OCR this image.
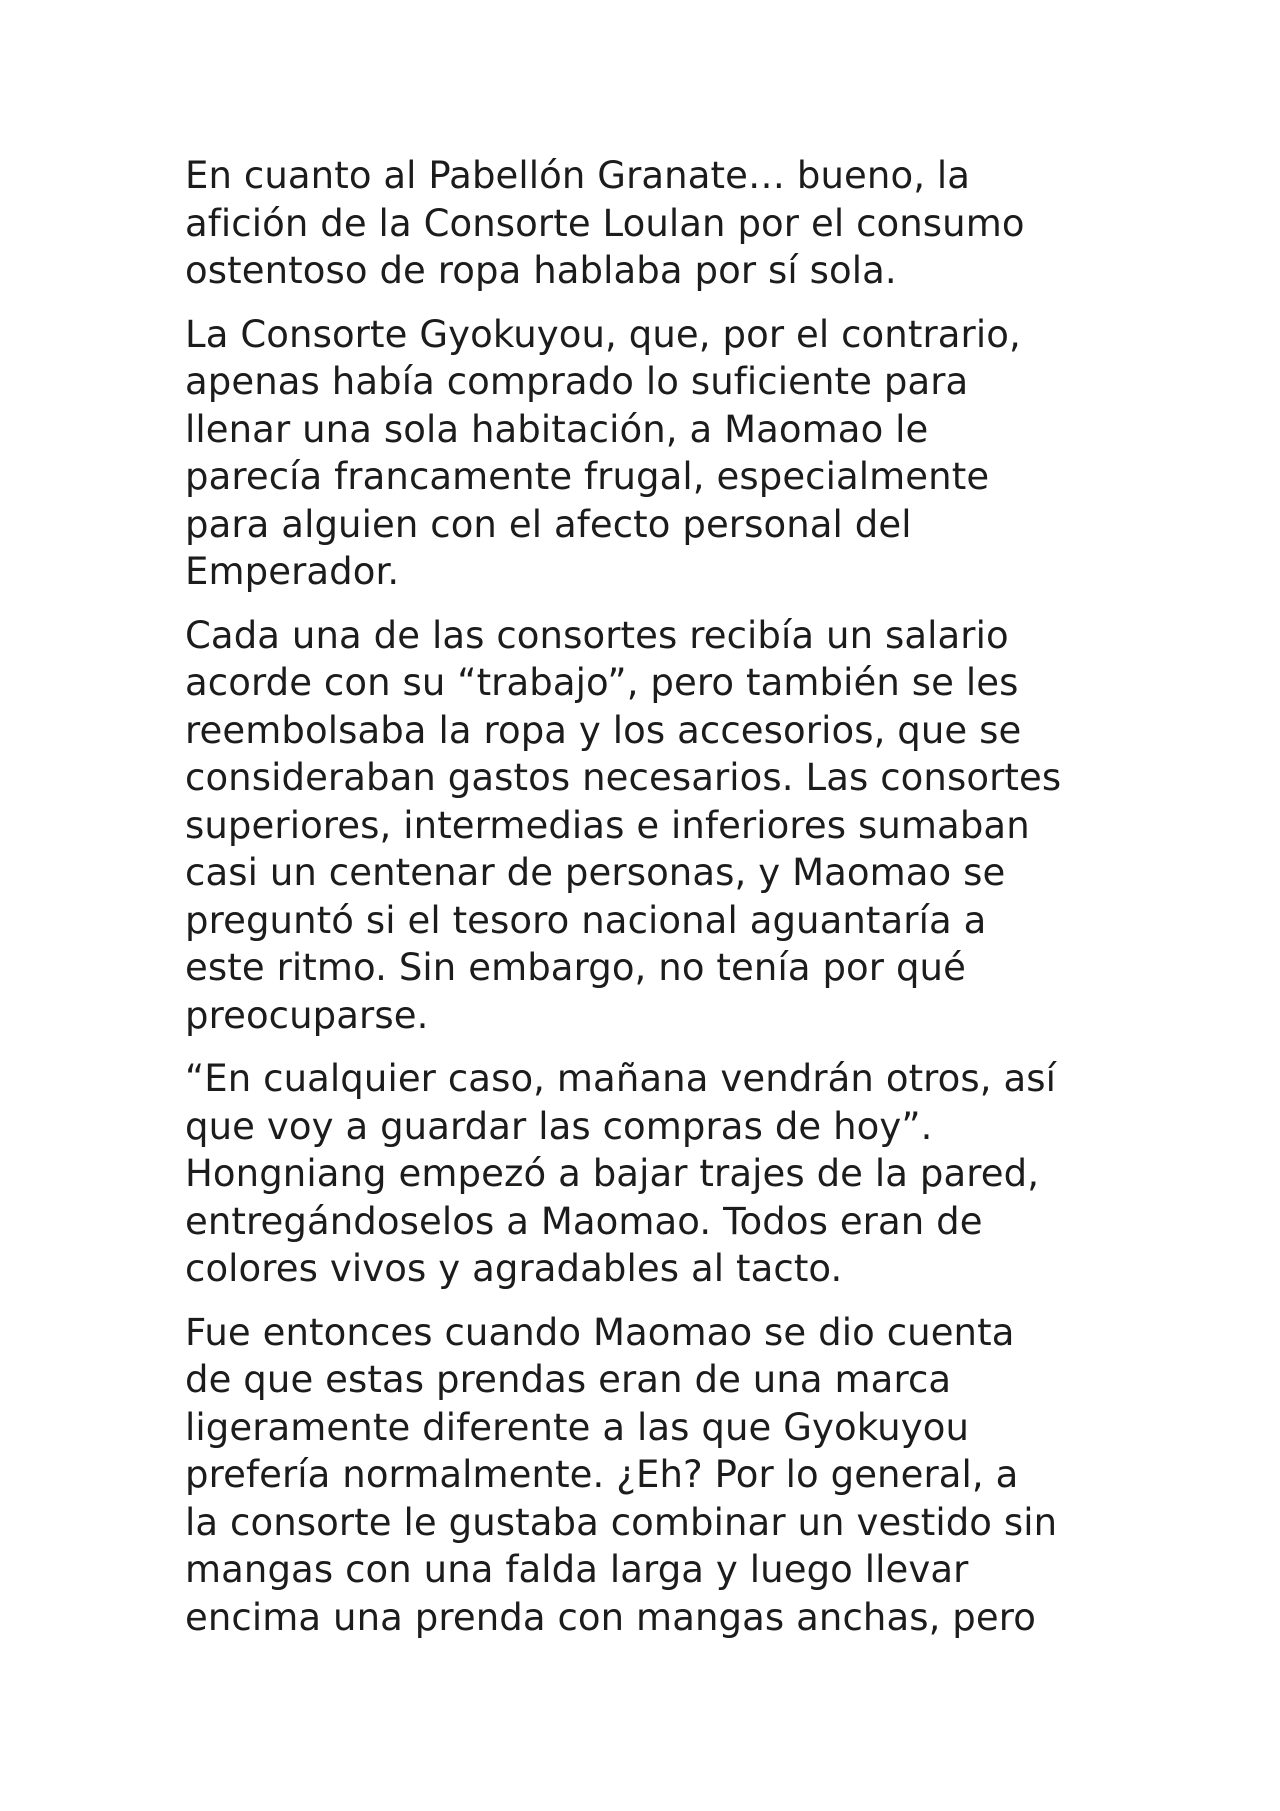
En cuanto al Pabellón Granate… bueno, la
afición de la Consorte Loulan por el consumo
ostentoso de ropa hablaba por sí sola.
La Consorte Gyokuyou, que, por el contrario,
apenas había comprado lo suficiente para
llenar una sola habitación, a Maomao le
parecía francamente frugal, especialmente
para alguien con el afecto personal del
Emperador.
Cada una de las consortes recibía un salario
acorde con su “trabajo”, pero también se les
reembolsaba la ropa y los accesorios, que se
consideraban gastos necesarios. Las consortes
superiores, intermedias e inferiores sumaban
casi un centenar de personas, y Maomao se
preguntó si el tesoro nacional aguantaría a
este ritmo. Sin embargo, no tenía por qué
preocuparse.
“En cualquier caso, mañana vendrán otros, así
que voy a guardar las compras de hoy”.
Hongniang empezó a bajar trajes de la pared,
entregándoselos a Maomao. Todos eran de
colores vivos y agradables al tacto.
Fue entonces cuando Maomao se dio cuenta
de que estas prendas eran de una marca
ligeramente diferente a las que Gyokuyou
prefería normalmente. ¿Eh? Por lo general, a
la consorte le gustaba combinar un vestido sin
mangas con una falda larga y luego llevar
encima una prenda con mangas anchas, pero
